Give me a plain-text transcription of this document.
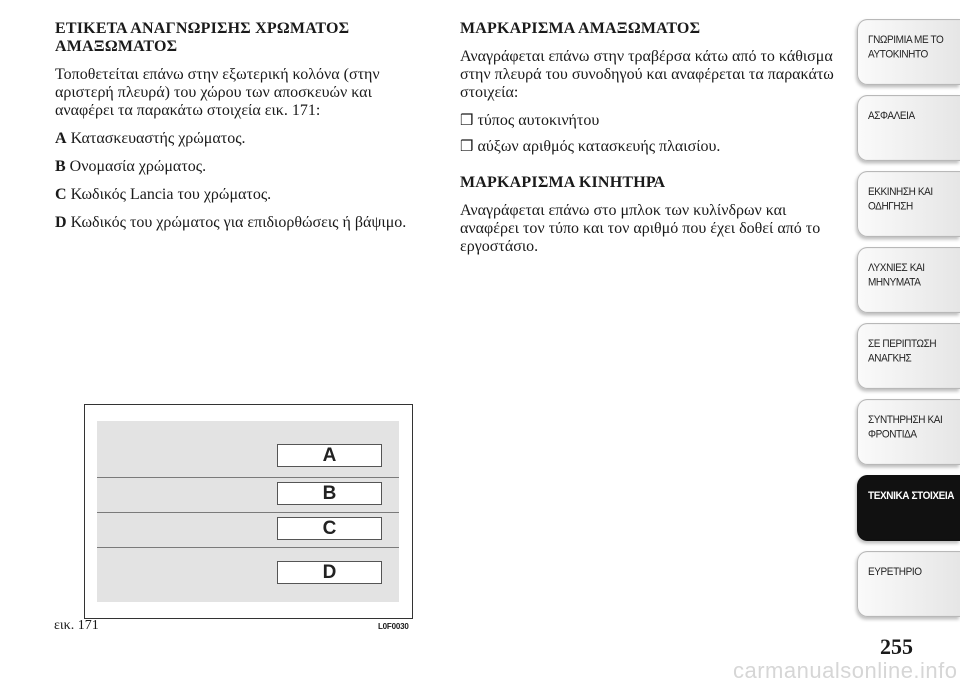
ΕΤΙΚΕΤΑ ΑΝΑΓΝΩΡΙΣΗΣ ΧΡΩΜΑΤΟΣ ΑΜΑΞΩΜΑΤΟΣ

Τοποθετείται επάνω στην εξωτερική κολόνα (στην αριστερή πλευρά) του χώρου των αποσκευών και αναφέρει τα παρακάτω στοιχεία εικ. 171:

A Κατασκευαστής χρώματος.

B Ονομασία χρώματος.

C Κωδικός Lancia του χρώματος.

D Κωδικός του χρώματος για επιδιορθώσεις ή βάψιμο.

ΜΑΡΚΑΡΙΣΜΑ ΑΜΑΞΩΜΑΤΟΣ

Αναγράφεται επάνω στην τραβέρσα κάτω από το κάθισμα στην πλευρά του συνοδηγού και αναφέρεται τα παρακάτω στοιχεία:

❒ τύπος αυτοκινήτου

❒ αύξων αριθμός κατασκευής πλαισίου.

ΜΑΡΚΑΡΙΣΜΑ ΚΙΝΗΤΗΡΑ

Αναγράφεται επάνω στο μπλοκ των κυλίνδρων και αναφέρει τον τύπο και τον αριθμό που έχει δοθεί από το εργοστάσιο.

A
B
C
D
εικ. 171	L0F0030
ΓΝΩΡΙΜΙΑ ΜΕ ΤΟ ΑΥΤΟΚΙΝΗΤΟ
ΑΣΦΑΛΕΙΑ
ΕΚΚΙΝΗΣΗ ΚΑΙ ΟΔΗΓΗΣΗ
ΛΥΧΝΙΕΣ ΚΑΙ ΜΗΝΥΜΑΤΑ
ΣΕ ΠΕΡΙΠΤΩΣΗ ΑΝΑΓΚΗΣ
ΣΥΝΤΗΡΗΣΗ ΚΑΙ ΦΡΟΝΤΙΔΑ
ΤΕΧΝΙΚΑ ΣΤΟΙΧΕΙΑ
ΕΥΡΕΤΗΡΙΟ
255
carmanualsonline.info
